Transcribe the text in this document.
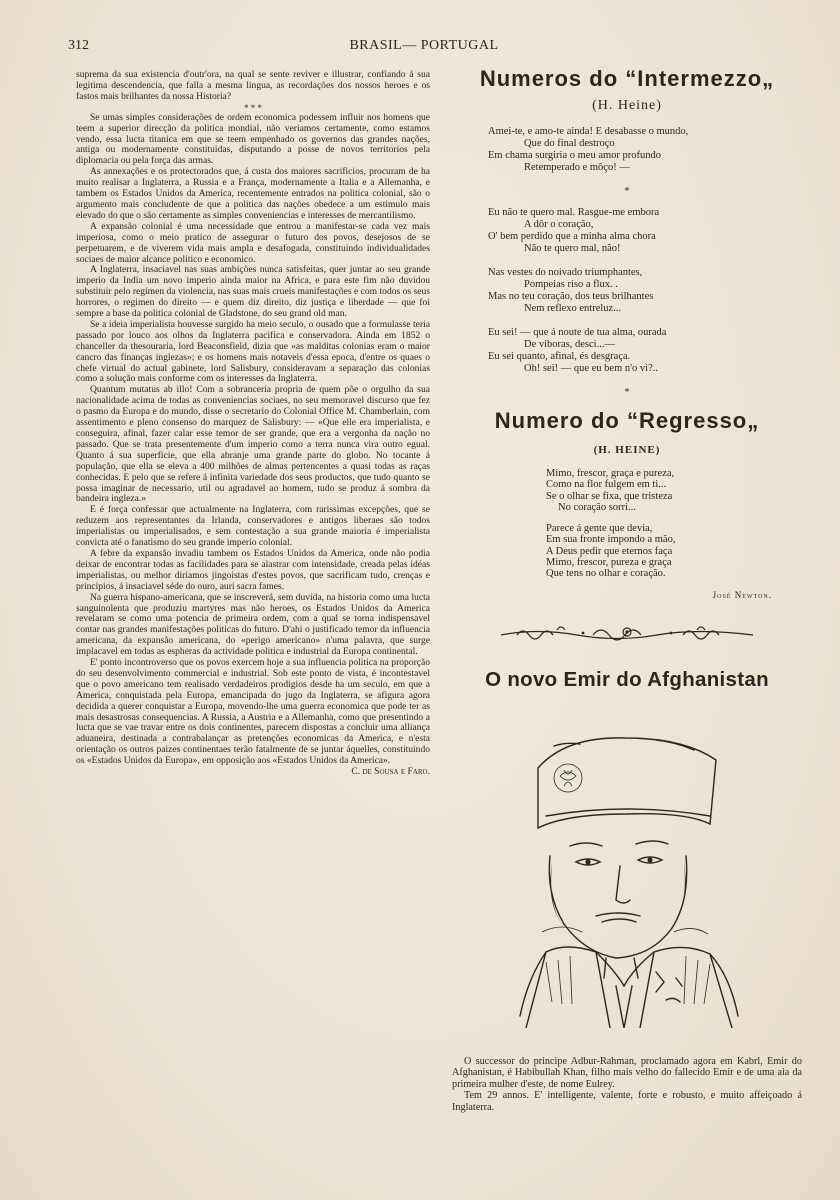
312	BRASIL— PORTUGAL

suprema da sua existencia d'outr'ora, na qual se sente reviver e illustrar, confiando á sua legitima descendencia, que falla a mesma lingua, as recordações dos nossos heroes e os fastos mais brilhantes da nossa Historia?

* * *

Se umas simples considerações de ordem economica podessem influir nos homens que teem a superior direcção da politica mondial, não veriamos certamente, como estamos vendo, essa lucta titanica em que se teem empenhado os governos das grandes nações, antiga ou modernamente constituidas, disputando a posse de novos territorios pela diplomacia ou pela força das armas.

As annexações e os protectorados que, á custa dos maiores sacrificios, procuram de ha muito realisar a Inglaterra, a Russia e a França, modernamente a Italia e a Allemanha, e tambem os Estados Unidos da America, recentemente entrados na politica colonial, são o argumento mais concludente de que a politica das nações obedece a um estimulo mais elevado do que o são certamente as simples conveniencias e interesses de mercantilismo.

A expansão colonial é uma necessidade que entrou a manifestar-se cada vez mais imperiosa, como o meio pratico de assegurar o futuro dos povos, desejosos de se perpetuarem, e de viverem vida mais ampla e desafogada, constituindo individualidades sociaes de maior alcance politico e economico.

A Inglaterra, insaciavel nas suas ambições nunca satisfeitas, quer juntar ao seu grande imperio da India um novo imperio ainda maior na Africa, e para este fim não duvidou substituir pelo regimen da violencia, nas suas mais crueis manifestações e com todos os seus horrores, o regimen do direito — e quem diz direito, diz justiça e liberdade — que foi sempre a base da politica colonial de Gladstone, do seu grand old man.

Se a ideia imperialista houvesse surgido ha meio seculo, o ousado que a formulasse teria passado por louco aos olhos da Inglaterra pacifica e conservadora. Ainda em 1852 o chanceller da thesouraria, lord Beaconsfield, dizia que «as malditas colonias eram o maior cancro das finanças inglezas»; e os homens mais notaveis d'essa epoca, d'entre os quaes o chefe virtual do actual gabinete, lord Salisbury, consideravam a separação das colonias como a solução mais conforme com os interesses da Inglaterra.

Quantum mutatus ab illo! Com a sobranceria propria de quem põe o orgulho da sua nacionalidade acima de todas as conveniencias sociaes, no seu memoravel discurso que fez o pasmo da Europa e do mundo, disse o secretario do Colonial Office M. Chamberlain, com assentimento e pleno consenso do marquez de Salisbury: — «Que elle era imperialista, e conseguira, afinal, fazer calar esse temor de ser grande, que era a vergonha da nação no passado. Que se trata presentemente d'um imperio como a terra nunca vira outro egual. Quanto á sua superficie, que ella abranje uma grande parte do globo. No tocante á população, que ella se eleva a 400 milhões de almas pertencentes a quasi todas as raças conhecidas. E pelo que se refere á infinita variedade dos seus productos, que tudo quanto se possa imaginar de necessario, util ou agradavel ao homem, tudo se produz á sombra da bandeira ingleza.»

E é força confessar que actualmente na Inglaterra, com rarissimas excepções, que se reduzem aos representantes da Irlanda, conservadores e antigos liberaes são todos imperialistas ou imperialisados, e sem contestação a sua grande maioria é imperialista convicta até o fanatismo do seu grande imperio colonial.

A febre da expansão invadiu tambem os Estados Unidos da America, onde não podia deixar de encontrar todas as facilidades para se alastrar com intensidade, creada pelas idéas imperialistas, ou melhor diriamos jingoistas d'estes povos, que sacrificam tudo, crenças e principios, á insaciavel séde do ouro, auri sacra fames.

Na guerra hispano-americana, que se inscreverá, sem duvida, na historia como uma lucta sanguinolenta que produziu martyres mas não heroes, os Estados Unidos da America revelaram se como uma potencia de primeira ordem, com a qual se torna indispensavel contar nas grandes manifestações politicas do futuro. D'ahi o justificado temor da influencia americana, da expansão americana, do «perigo americano» n'uma palavra, que surge implacavel em todas as espheras da actividade politica e industrial da Europa continental.

E' ponto incontroverso que os povos exercem hoje a sua influencia politica na proporção do seu desenvolvimento commercial e industrial. Sob este ponto de vista, é incontestavel que o povo americano tem realisado verdadeiros prodigios desde ha um seculo, em que a America, conquistada pela Europa, emancipada do jugo da Inglaterra, se afigura agora decidida a querer conquistar a Europa, movendo-lhe uma guerra economica que pode ter as mais desastrosas consequencias. A Russia, a Austria e a Allemanha, como que presentindo a lucta que se vae travar entre os dois continentes, parecem dispostas a concluir uma alliança aduaneira, destinada a contrabalançar as pretenções economicas da America, e n'esta orientação os outros paizes continentaes terão fatalmente de se juntar áquelles, constituindo os «Estados Unidos da Europa», em opposição aos «Estados Unidos da America».

C. de Sousa e Faro.

Numeros do “Intermezzo„
(H. Heine)
Amei-te, e amo-te ainda! E desabasse o mundo,
Que do final destroço
Em chama surgiria o meu amor profundo
Retemperado e môço! —
*
Eu não te quero mal. Rasgue-me embora
A dôr o coração,
O' bem perdido que a minha alma chora
Não te quero mal, não!
Nas vestes do noivado triumphantes,
Pompeias riso a flux. .
Mas no teu coração, dos teus brilhantes
Nem reflexo entreluz...
Eu sei! — que á noute de tua alma, ourada
De viboras, desci...—
Eu sei quanto, afinal, és desgraça.
Oh! sei! — que eu bem n'o vi?..
*
Numero do “Regresso„
(H. HEINE)
Mimo, frescor, graça e pureza,
Como na flor fulgem em ti...
Se o olhar se fixa, que tristeza
No coração sorri...
Parece á gente que devia,
Em sua fronte impondo a mão,
A Deus pedir que eternos faça
Mimo, frescor, pureza e graça
Que tens no olhar e coração.
José Newton.
O novo Emir do Afghanistan

O successor do principe Adbur-Rahman, proclamado agora em Kabrl, Emir do Afghanistan, é Habibullah Khan, filho mais velho do fallecido Emir e de uma aia da primeira mulher d'este, de nome Eulrey.

Tem 29 annos. E' intelligente, valente, forte e robusto, e muito affeiçoado á Inglaterra.
